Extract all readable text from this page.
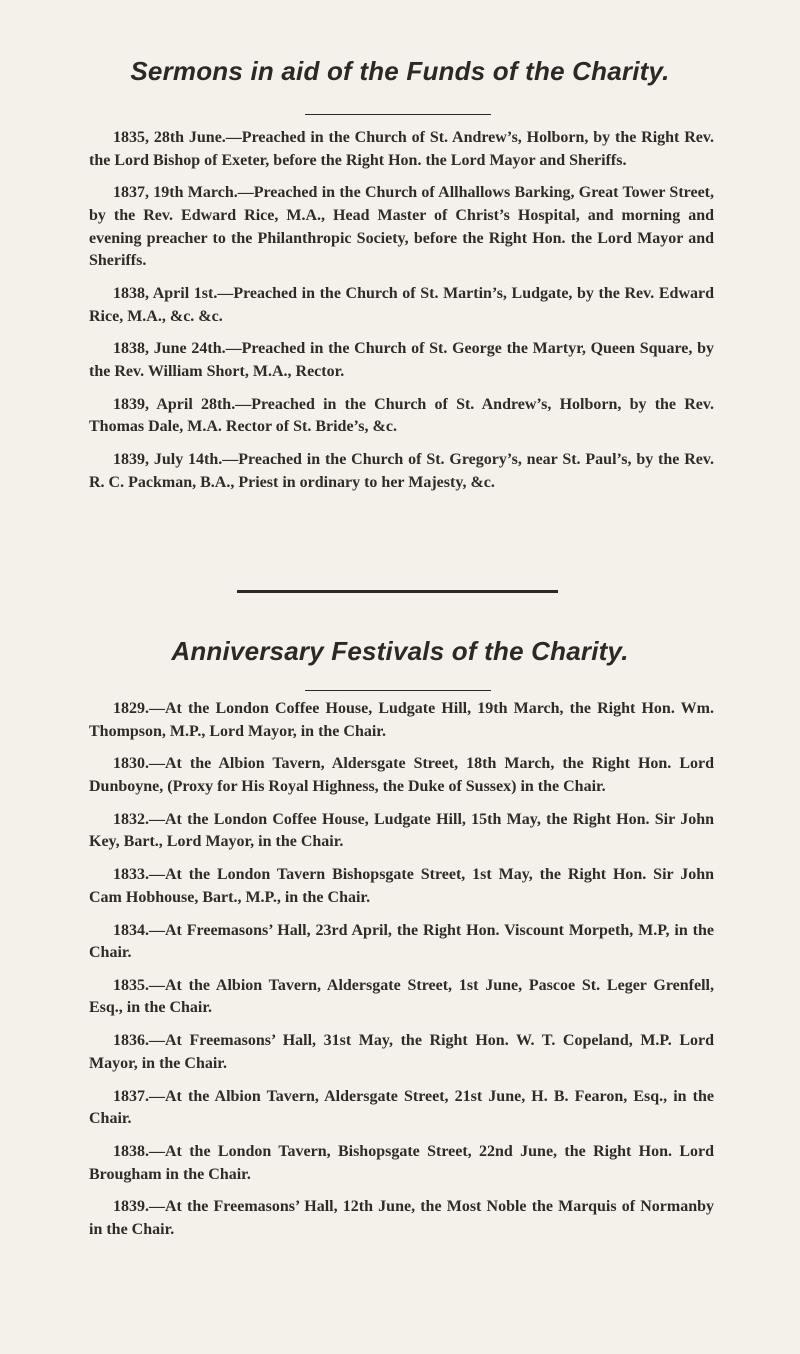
Sermons in aid of the Funds of the Charity.

1835, 28th June.—Preached in the Church of St. Andrew’s, Holborn, by the Right Rev. the Lord Bishop of Exeter, before the Right Hon. the Lord Mayor and Sheriffs.

1837, 19th March.—Preached in the Church of Allhallows Barking, Great Tower Street, by the Rev. Edward Rice, M.A., Head Master of Christ’s Hospital, and morning and evening preacher to the Philanthropic Society, before the Right Hon. the Lord Mayor and Sheriffs.

1838, April 1st.—Preached in the Church of St. Martin’s, Ludgate, by the Rev. Edward Rice, M.A., &c. &c.

1838, June 24th.—Preached in the Church of St. George the Martyr, Queen Square, by the Rev. William Short, M.A., Rector.

1839, April 28th.—Preached in the Church of St. Andrew’s, Holborn, by the Rev. Thomas Dale, M.A. Rector of St. Bride’s, &c.

1839, July 14th.—Preached in the Church of St. Gregory’s, near St. Paul’s, by the Rev. R. C. Packman, B.A., Priest in ordinary to her Majesty, &c.

Anniversary Festivals of the Charity.

1829.—At the London Coffee House, Ludgate Hill, 19th March, the Right Hon. Wm. Thompson, M.P., Lord Mayor, in the Chair.

1830.—At the Albion Tavern, Aldersgate Street, 18th March, the Right Hon. Lord Dunboyne, (Proxy for His Royal Highness, the Duke of Sussex) in the Chair.

1832.—At the London Coffee House, Ludgate Hill, 15th May, the Right Hon. Sir John Key, Bart., Lord Mayor, in the Chair.

1833.—At the London Tavern Bishopsgate Street, 1st May, the Right Hon. Sir John Cam Hobhouse, Bart., M.P., in the Chair.

1834.—At Freemasons’ Hall, 23rd April, the Right Hon. Viscount Morpeth, M.P, in the Chair.

1835.—At the Albion Tavern, Aldersgate Street, 1st June, Pascoe St. Leger Grenfell, Esq., in the Chair.

1836.—At Freemasons’ Hall, 31st May, the Right Hon. W. T. Copeland, M.P. Lord Mayor, in the Chair.

1837.—At the Albion Tavern, Aldersgate Street, 21st June, H. B. Fearon, Esq., in the Chair.

1838.—At the London Tavern, Bishopsgate Street, 22nd June, the Right Hon. Lord Brougham in the Chair.

1839.—At the Freemasons’ Hall, 12th June, the Most Noble the Marquis of Normanby in the Chair.
